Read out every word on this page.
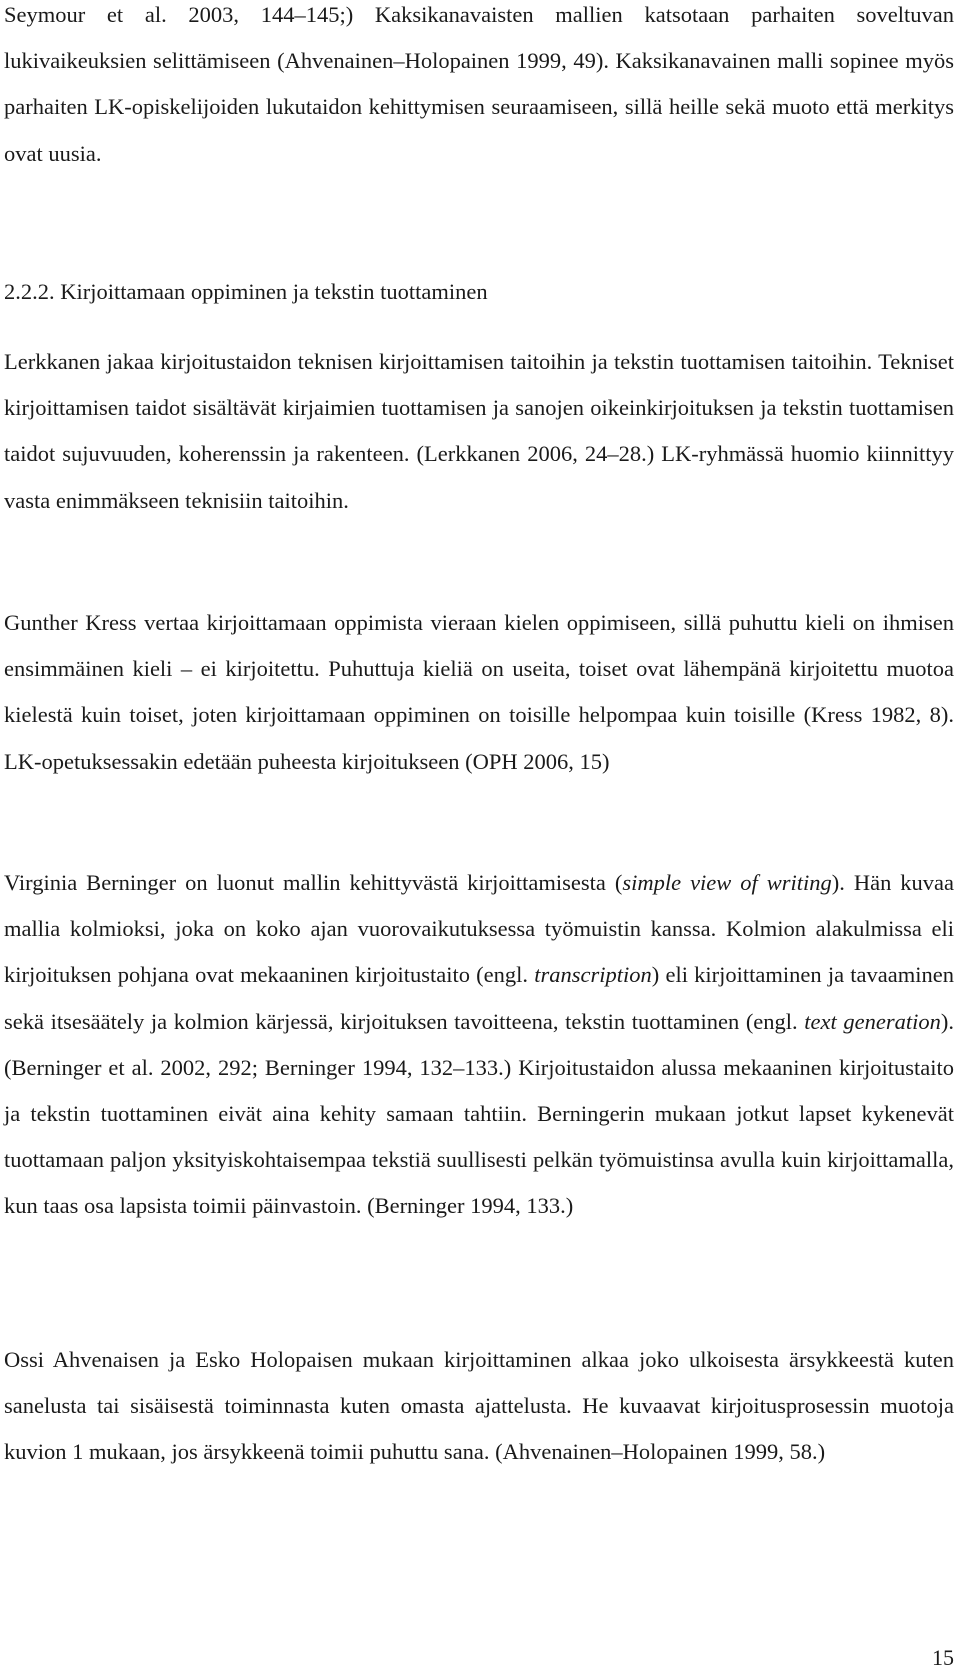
Seymour et al. 2003, 144–145;) Kaksikanavaisten mallien katsotaan parhaiten soveltuvan lukivaikeuksien selittämiseen (Ahvenainen–Holopainen 1999, 49). Kaksikanavainen malli sopinee myös parhaiten LK-opiskelijoiden lukutaidon kehittymisen seuraamiseen, sillä heille sekä muoto että merkitys ovat uusia.

2.2.2. Kirjoittamaan oppiminen ja tekstin tuottaminen

Lerkkanen jakaa kirjoitustaidon teknisen kirjoittamisen taitoihin ja tekstin tuottamisen taitoihin. Tekniset kirjoittamisen taidot sisältävät kirjaimien tuottamisen ja sanojen oikeinkirjoituksen ja tekstin tuottamisen taidot sujuvuuden, koherenssin ja rakenteen. (Lerkkanen 2006, 24–28.) LK-ryhmässä huomio kiinnittyy vasta enimmäkseen teknisiin taitoihin.

Gunther Kress vertaa kirjoittamaan oppimista vieraan kielen oppimiseen, sillä puhuttu kieli on ihmisen ensimmäinen kieli – ei kirjoitettu. Puhuttuja kieliä on useita, toiset ovat lähempänä kirjoitettu muotoa kielestä kuin toiset, joten kirjoittamaan oppiminen on toisille helpompaa kuin toisille (Kress 1982, 8). LK-opetuksessakin edetään puheesta kirjoitukseen (OPH 2006, 15)

Virginia Berninger on luonut mallin kehittyvästä kirjoittamisesta (simple view of writing). Hän kuvaa mallia kolmioksi, joka on koko ajan vuorovaikutuksessa työmuistin kanssa. Kolmion alakulmissa eli kirjoituksen pohjana ovat mekaaninen kirjoitustaito (engl. transcription) eli kirjoittaminen ja tavaaminen sekä itsesäätely ja kolmion kärjessä, kirjoituksen tavoitteena, tekstin tuottaminen (engl. text generation). (Berninger et al. 2002, 292; Berninger 1994, 132–133.) Kirjoitustaidon alussa mekaaninen kirjoitustaito ja tekstin tuottaminen eivät aina kehity samaan tahtiin. Berningerin mukaan jotkut lapset kykenevät tuottamaan paljon yksityiskohtaisempaa tekstiä suullisesti pelkän työmuistinsa avulla kuin kirjoittamalla, kun taas osa lapsista toimii päinvastoin. (Berninger 1994, 133.)

Ossi Ahvenaisen ja Esko Holopaisen mukaan kirjoittaminen alkaa joko ulkoisesta ärsykkeestä kuten sanelusta tai sisäisestä toiminnasta kuten omasta ajattelusta. He kuvaavat kirjoitusprosessin muotoja kuvion 1 mukaan, jos ärsykkeenä toimii puhuttu sana. (Ahvenainen–Holopainen 1999, 58.)

15
